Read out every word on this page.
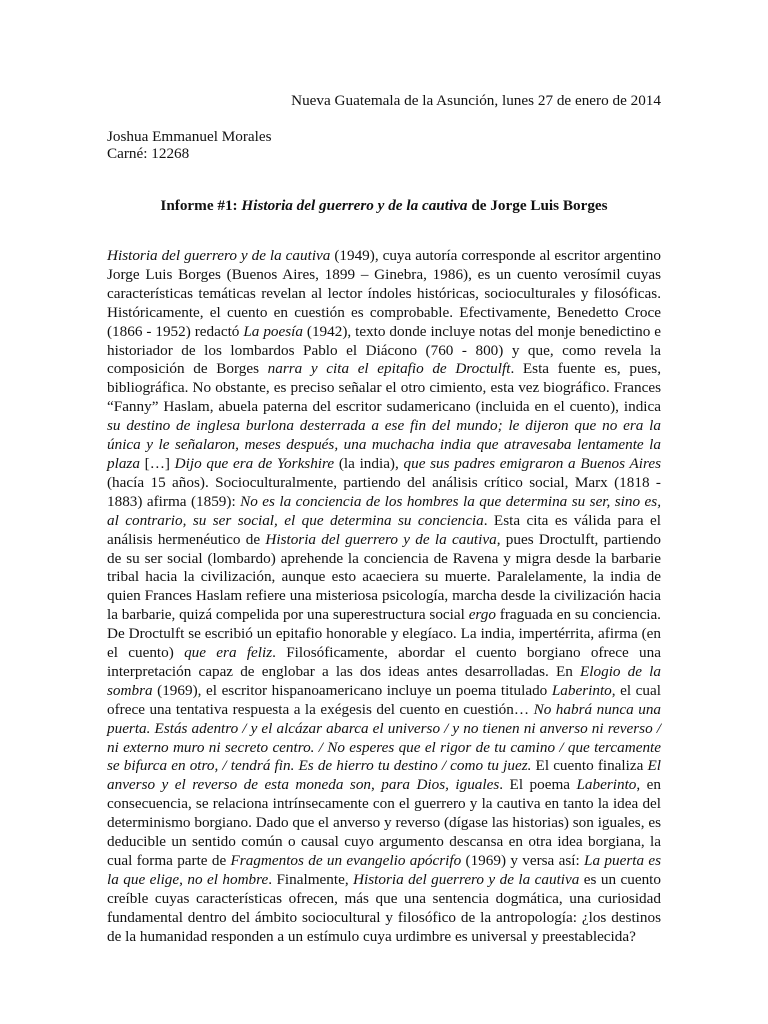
Nueva Guatemala de la Asunción, lunes 27 de enero de 2014
Joshua Emmanuel Morales
Carné: 12268
Informe #1: Historia del guerrero y de la cautiva de Jorge Luis Borges
Historia del guerrero y de la cautiva (1949), cuya autoría corresponde al escritor argentino Jorge Luis Borges (Buenos Aires, 1899 – Ginebra, 1986), es un cuento verosímil cuyas características temáticas revelan al lector índoles históricas, socioculturales y filosóficas. Históricamente, el cuento en cuestión es comprobable. Efectivamente, Benedetto Croce (1866 - 1952) redactó La poesía (1942), texto donde incluye notas del monje benedictino e historiador de los lombardos Pablo el Diácono (760 - 800) y que, como revela la composición de Borges narra y cita el epitafio de Droctulft. Esta fuente es, pues, bibliográfica. No obstante, es preciso señalar el otro cimiento, esta vez biográfico. Frances “Fanny” Haslam, abuela paterna del escritor sudamericano (incluida en el cuento), indica su destino de inglesa burlona desterrada a ese fin del mundo; le dijeron que no era la única y le señalaron, meses después, una muchacha india que atravesaba lentamente la plaza […] Dijo que era de Yorkshire (la india), que sus padres emigraron a Buenos Aires (hacía 15 años). Socioculturalmente, partiendo del análisis crítico social, Marx (1818 - 1883) afirma (1859): No es la conciencia de los hombres la que determina su ser, sino es, al contrario, su ser social, el que determina su conciencia. Esta cita es válida para el análisis hermenéutico de Historia del guerrero y de la cautiva, pues Droctulft, partiendo de su ser social (lombardo) aprehende la conciencia de Ravena y migra desde la barbarie tribal hacia la civilización, aunque esto acaeciera su muerte. Paralelamente, la india de quien Frances Haslam refiere una misteriosa psicología, marcha desde la civilización hacia la barbarie, quizá compelida por una superestructura social ergo fraguada en su conciencia. De Droctulft se escribió un epitafio honorable y elegíaco. La india, impertérrita, afirma (en el cuento) que era feliz. Filosóficamente, abordar el cuento borgiano ofrece una interpretación capaz de englobar a las dos ideas antes desarrolladas. En Elogio de la sombra (1969), el escritor hispanoamericano incluye un poema titulado Laberinto, el cual ofrece una tentativa respuesta a la exégesis del cuento en cuestión… No habrá nunca una puerta. Estás adentro / y el alcázar abarca el universo / y no tienen ni anverso ni reverso / ni externo muro ni secreto centro. / No esperes que el rigor de tu camino / que tercamente se bifurca en otro, / tendrá fin. Es de hierro tu destino / como tu juez. El cuento finaliza El anverso y el reverso de esta moneda son, para Dios, iguales. El poema Laberinto, en consecuencia, se relaciona intrínsecamente con el guerrero y la cautiva en tanto la idea del determinismo borgiano. Dado que el anverso y reverso (dígase las historias) son iguales, es deducible un sentido común o causal cuyo argumento descansa en otra idea borgiana, la cual forma parte de Fragmentos de un evangelio apócrifo (1969) y versa así: La puerta es la que elige, no el hombre. Finalmente, Historia del guerrero y de la cautiva es un cuento creíble cuyas características ofrecen, más que una sentencia dogmática, una curiosidad fundamental dentro del ámbito sociocultural y filosófico de la antropología: ¿los destinos de la humanidad responden a un estímulo cuya urdimbre es universal y preestablecida?
